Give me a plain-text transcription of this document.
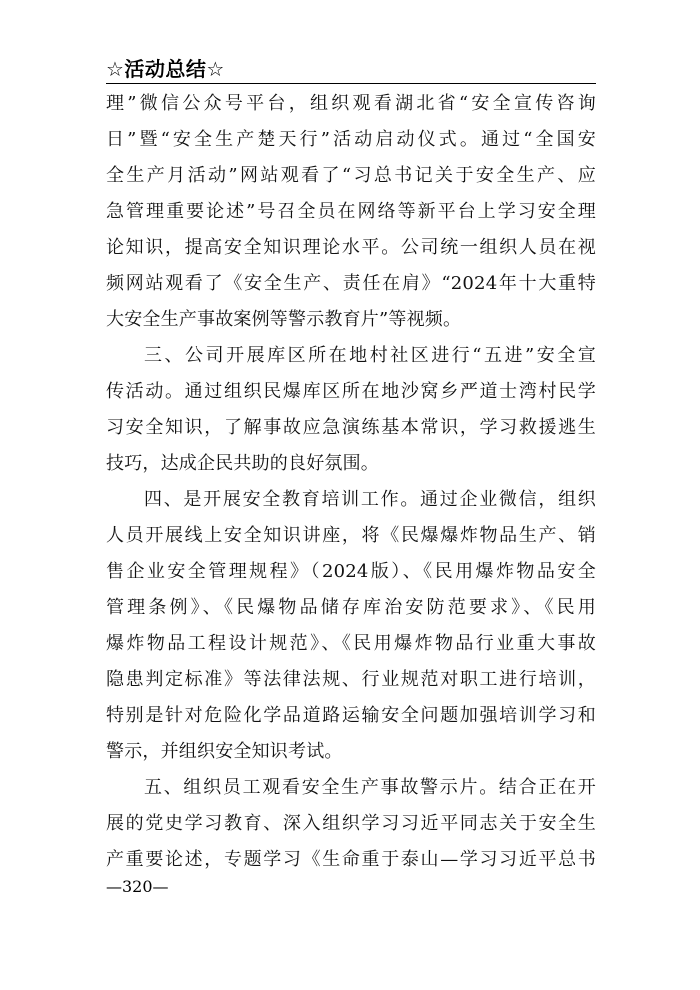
☆活动总结☆
理”微信公众号平台，组织观看湖北省“安全宣传咨询
日”暨“安全生产楚天行”活动启动仪式。通过“全国安
全生产月活动”网站观看了“习总书记关于安全生产、应
急管理重要论述”号召全员在网络等新平台上学习安全理
论知识，提高安全知识理论水平。公司统一组织人员在视
频网站观看了《安全生产、责任在肩》“2024年十大重特
大安全生产事故案例等警示教育片”等视频。
三、公司开展库区所在地村社区进行“五进”安全宣
传活动。通过组织民爆库区所在地沙窝乡严道士湾村民学
习安全知识，了解事故应急演练基本常识，学习救援逃生
技巧，达成企民共助的良好氛围。
四、是开展安全教育培训工作。通过企业微信，组织
人员开展线上安全知识讲座，将《民爆爆炸物品生产、销
售企业安全管理规程》（2024版）、《民用爆炸物品安全
管理条例》、《民爆物品储存库治安防范要求》、《民用
爆炸物品工程设计规范》、《民用爆炸物品行业重大事故
隐患判定标准》等法律法规、行业规范对职工进行培训，
特别是针对危险化学品道路运输安全问题加强培训学习和
警示，并组织安全知识考试。
五、组织员工观看安全生产事故警示片。结合正在开
展的党史学习教育、深入组织学习习近平同志关于安全生
产重要论述，专题学习《生命重于泰山—学习习近平总书
—320—
